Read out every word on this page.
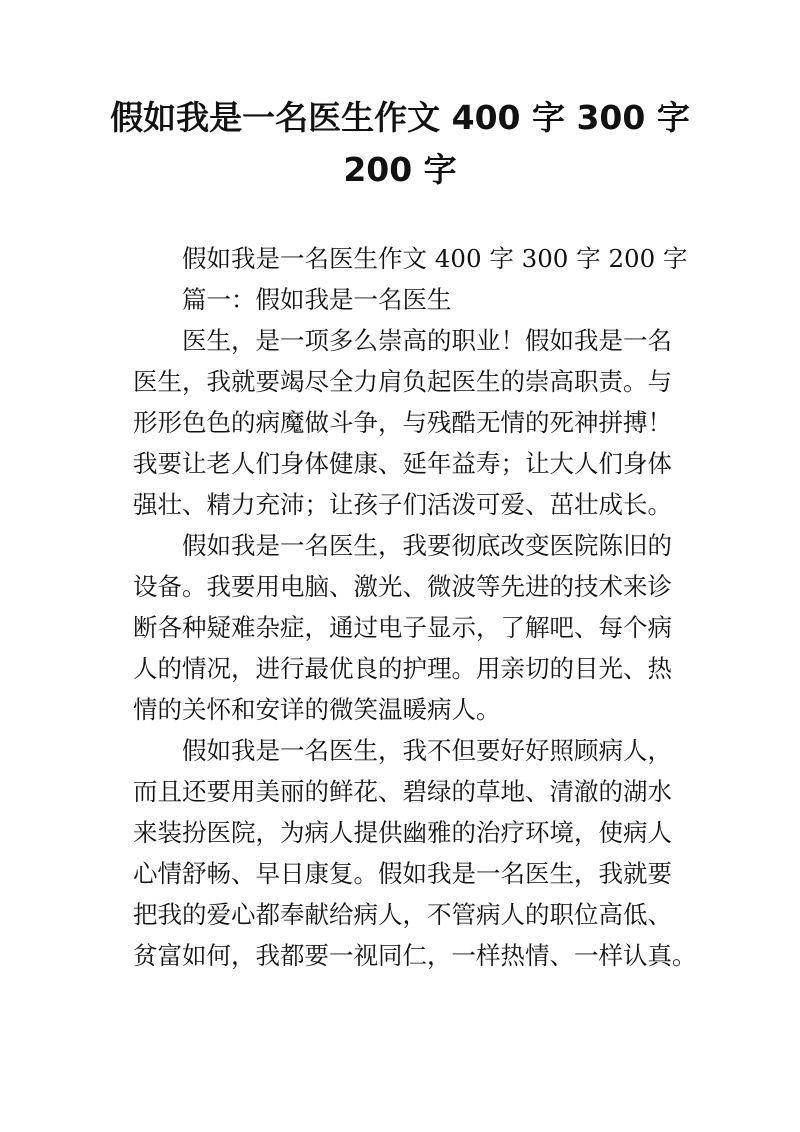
假如我是一名医生作文 400 字 300 字
200 字
假如我是一名医生作文 400 字 300 字 200 字
篇一：假如我是一名医生
医生，是一项多么崇高的职业！假如我是一名
医生，我就要竭尽全力肩负起医生的崇高职责。与
形形色色的病魔做斗争，与残酷无情的死神拼搏！
我要让老人们身体健康、延年益寿；让大人们身体
强壮、精力充沛；让孩子们活泼可爱、茁壮成长。
假如我是一名医生，我要彻底改变医院陈旧的
设备。我要用电脑、激光、微波等先进的技术来诊
断各种疑难杂症，通过电子显示，了解吧、每个病
人的情况，进行最优良的护理。用亲切的目光、热
情的关怀和安详的微笑温暖病人。
假如我是一名医生，我不但要好好照顾病人，
而且还要用美丽的鲜花、碧绿的草地、清澈的湖水
来装扮医院，为病人提供幽雅的治疗环境，使病人
心情舒畅、早日康复。假如我是一名医生，我就要
把我的爱心都奉献给病人，不管病人的职位高低、
贫富如何，我都要一视同仁，一样热情、一样认真。
